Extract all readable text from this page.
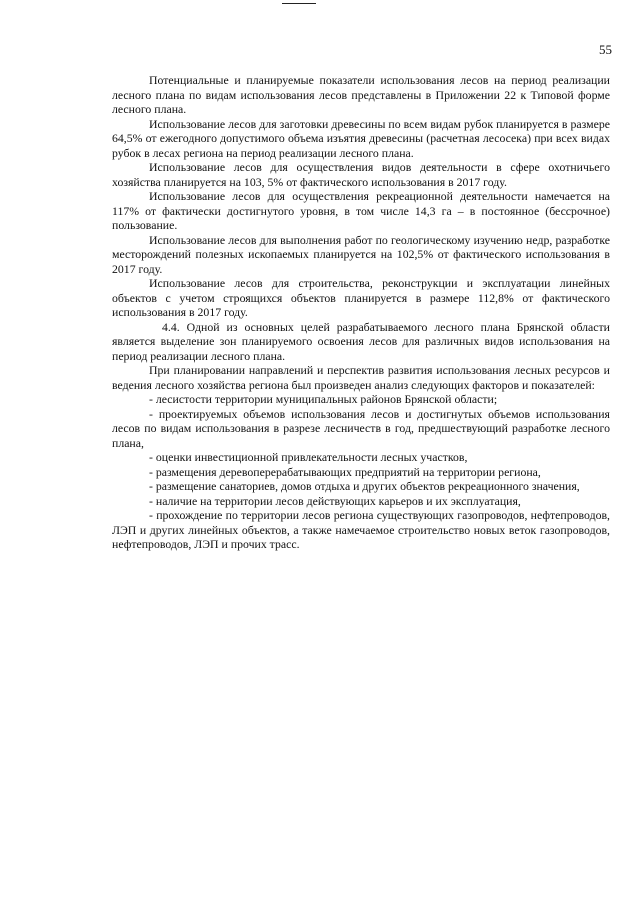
55

Потенциальные и планируемые показатели использования лесов на период реализации лесного плана по видам использования лесов представлены в Приложении 22 к Типовой форме лесного плана.

Использование лесов для заготовки древесины по всем видам рубок планируется в размере 64,5% от ежегодного допустимого объема изъятия древесины (расчетная лесосека) при всех видах рубок в лесах региона на период реализации лесного плана.

Использование лесов для осуществления видов деятельности в сфере охотничьего хозяйства планируется на 103, 5% от фактического использования в 2017 году.

Использование лесов для осуществления рекреационной деятельности намечается на 117% от фактически достигнутого уровня, в том числе 14,3 га – в постоянное (бессрочное) пользование.

Использование лесов для выполнения работ по геологическому изучению недр, разработке месторождений полезных ископаемых планируется на 102,5% от фактического использования в 2017 году.

Использование лесов для строительства, реконструкции и эксплуатации линейных объектов с учетом строящихся объектов планируется в размере 112,8% от фактического использования в 2017 году.

4.4. Одной из основных целей разрабатываемого лесного плана Брянской области является выделение зон планируемого освоения лесов для различных видов использования на период реализации лесного плана.

При планировании направлений и перспектив развития использования лесных ресурсов и ведения лесного хозяйства региона был произведен анализ следующих факторов и показателей:

- лесистости территории муниципальных районов Брянской области;

- проектируемых объемов использования лесов и достигнутых объемов использования лесов по видам использования в разрезе лесничеств в год, предшествующий разработке лесного плана,

- оценки инвестиционной привлекательности лесных участков,

- размещения деревоперерабатывающих предприятий на территории региона,

- размещение санаториев, домов отдыха и других объектов рекреационного значения,

- наличие на территории лесов действующих карьеров и их эксплуатация,

- прохождение по территории лесов региона существующих газопроводов, нефтепроводов, ЛЭП и других линейных объектов, а также намечаемое строительство новых веток газопроводов, нефтепроводов, ЛЭП и прочих трасс.
